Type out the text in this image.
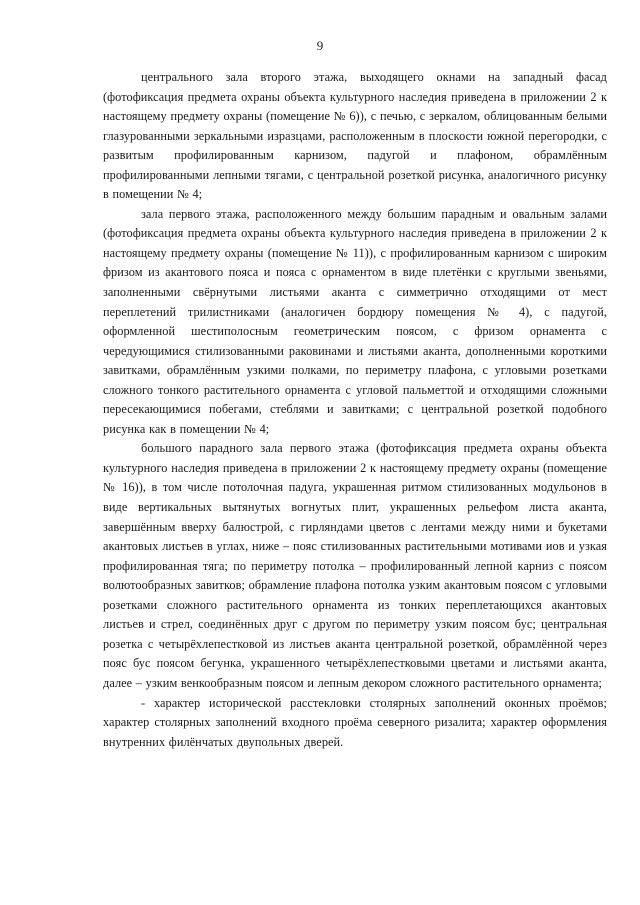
9

центрального зала второго этажа, выходящего окнами на западный фасад (фотофиксация предмета охраны объекта культурного наследия приведена в приложении 2 к настоящему предмету охраны (помещение № 6)), с печью, с зеркалом, облицованным белыми глазурованными зеркальными изразцами, расположенным в плоскости южной перегородки, с развитым профилированным карнизом, падугой и плафоном, обрамлённым профилированными лепными тягами, с центральной розеткой рисунка, аналогичного рисунку в помещении № 4;

зала первого этажа, расположенного между большим парадным и овальным залами (фотофиксация предмета охраны объекта культурного наследия приведена в приложении 2 к настоящему предмету охраны (помещение № 11)), с профилированным карнизом с широким фризом из акантового пояса и пояса с орнаментом в виде плетёнки с круглыми звеньями, заполненными свёрнутыми листьями аканта с симметрично отходящими от мест переплетений трилистниками (аналогичен бордюру помещения № 4), с падугой, оформленной шестиполосным геометрическим поясом, с фризом орнамента с чередующимися стилизованными раковинами и листьями аканта, дополненными короткими завитками, обрамлённым узкими полками, по периметру плафона, с угловыми розетками сложного тонкого растительного орнамента с угловой пальметтой и отходящими сложными пересекающимися побегами, стеблями и завитками; с центральной розеткой подобного рисунка как в помещении № 4;

большого парадного зала первого этажа (фотофиксация предмета охраны объекта культурного наследия приведена в приложении 2 к настоящему предмету охраны (помещение № 16)), в том числе потолочная падуга, украшенная ритмом стилизованных модульонов в виде вертикальных вытянутых вогнутых плит, украшенных рельефом листа аканта, завершённым вверху балюстрой, с гирляндами цветов с лентами между ними и букетами акантовых листьев в углах, ниже – пояс стилизованных растительными мотивами иов и узкая профилированная тяга; по периметру потолка – профилированный лепной карниз с поясом волютообразных завитков; обрамление плафона потолка узким акантовым поясом с угловыми розетками сложного растительного орнамента из тонких переплетающихся акантовых листьев и стрел, соединённых друг с другом по периметру узким поясом бус; центральная розетка с четырёхлепестковой из листьев аканта центральной розеткой, обрамлённой через пояс бус поясом бегунка, украшенного четырёхлепестковыми цветами и листьями аканта, далее – узким венкообразным поясом и лепным декором сложного растительного орнамента;

- характер исторической расстекловки столярных заполнений оконных проёмов; характер столярных заполнений входного проёма северного ризалита; характер оформления внутренних филёнчатых двупольных дверей.
